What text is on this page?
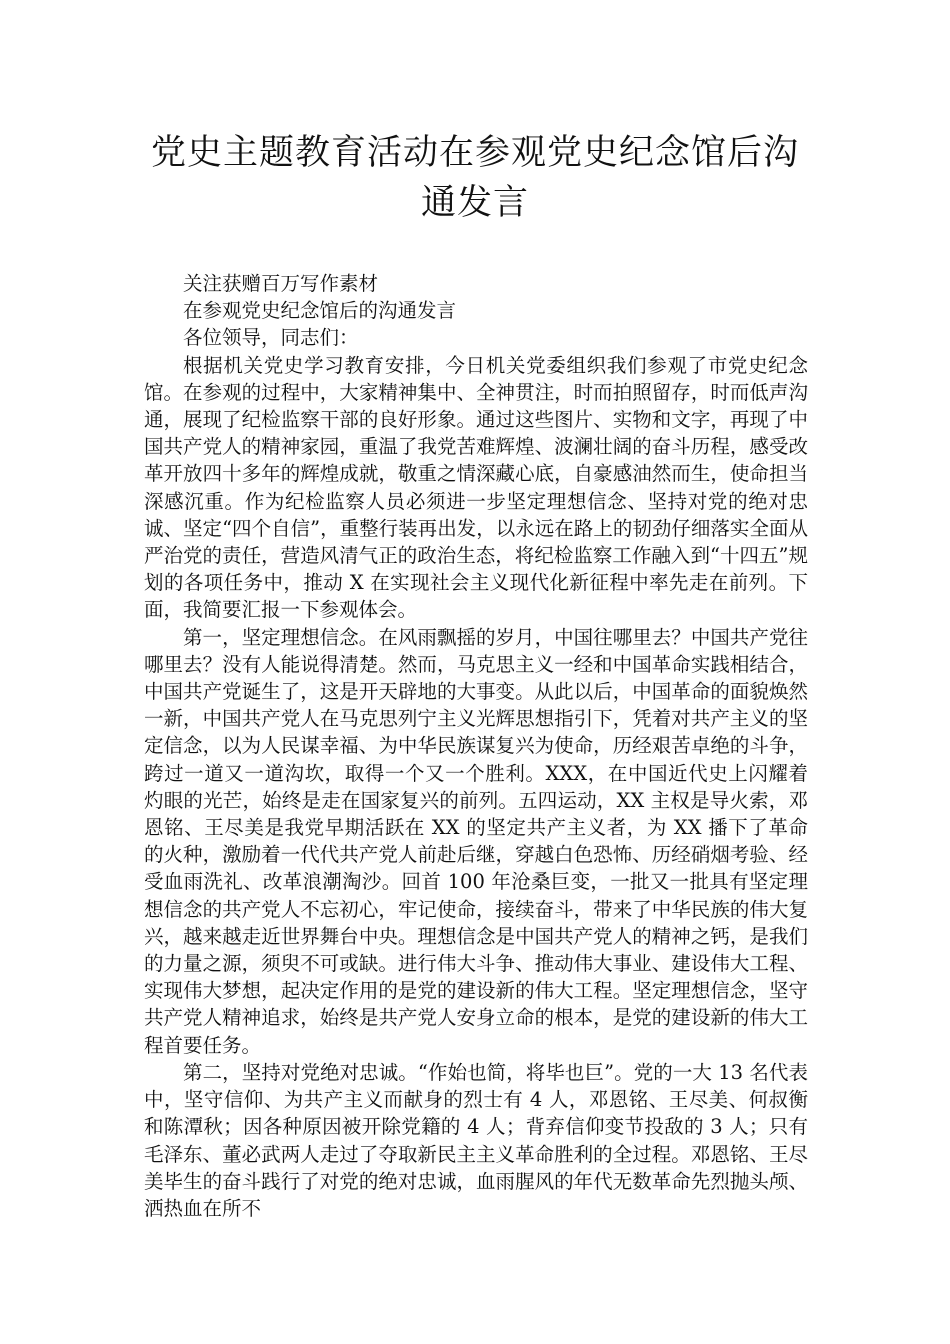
党史主题教育活动在参观党史纪念馆后沟
通发言

关注获赠百万写作素材

在参观党史纪念馆后的沟通发言

各位领导，同志们：

根据机关党史学习教育安排，今日机关党委组织我们参观了市党史纪念馆。在参观的过程中，大家精神集中、全神贯注，时而拍照留存，时而低声沟通，展现了纪检监察干部的良好形象。通过这些图片、实物和文字，再现了中国共产党人的精神家园，重温了我党苦难辉煌、波澜壮阔的奋斗历程，感受改革开放四十多年的辉煌成就，敬重之情深藏心底，自豪感油然而生，使命担当深感沉重。作为纪检监察人员必须进一步坚定理想信念、坚持对党的绝对忠诚、坚定“四个自信”，重整行装再出发，以永远在路上的韧劲仔细落实全面从严治党的责任，营造风清气正的政治生态，将纪检监察工作融入到“十四五”规划的各项任务中，推动 X 在实现社会主义现代化新征程中率先走在前列。下面，我简要汇报一下参观体会。

第一，坚定理想信念。在风雨飘摇的岁月，中国往哪里去？中国共产党往哪里去？没有人能说得清楚。然而，马克思主义一经和中国革命实践相结合，中国共产党诞生了，这是开天辟地的大事变。从此以后，中国革命的面貌焕然一新，中国共产党人在马克思列宁主义光辉思想指引下，凭着对共产主义的坚定信念，以为人民谋幸福、为中华民族谋复兴为使命，历经艰苦卓绝的斗争，跨过一道又一道沟坎，取得一个又一个胜利。XXX，在中国近代史上闪耀着灼眼的光芒，始终是走在国家复兴的前列。五四运动，XX 主权是导火索，邓恩铭、王尽美是我党早期活跃在 XX 的坚定共产主义者，为 XX 播下了革命的火种，激励着一代代共产党人前赴后继，穿越白色恐怖、历经硝烟考验、经受血雨洗礼、改革浪潮淘沙。回首 100 年沧桑巨变，一批又一批具有坚定理想信念的共产党人不忘初心，牢记使命，接续奋斗，带来了中华民族的伟大复兴，越来越走近世界舞台中央。理想信念是中国共产党人的精神之钙，是我们的力量之源，须臾不可或缺。进行伟大斗争、推动伟大事业、建设伟大工程、实现伟大梦想，起决定作用的是党的建设新的伟大工程。坚定理想信念，坚守共产党人精神追求，始终是共产党人安身立命的根本，是党的建设新的伟大工程首要任务。

第二，坚持对党绝对忠诚。“作始也简，将毕也巨”。党的一大 13 名代表中，坚守信仰、为共产主义而献身的烈士有 4 人，邓恩铭、王尽美、何叔衡和陈潭秋；因各种原因被开除党籍的 4 人；背弃信仰变节投敌的 3 人；只有毛泽东、董必武两人走过了夺取新民主主义革命胜利的全过程。邓恩铭、王尽美毕生的奋斗践行了对党的绝对忠诚，血雨腥风的年代无数革命先烈抛头颅、洒热血在所不
